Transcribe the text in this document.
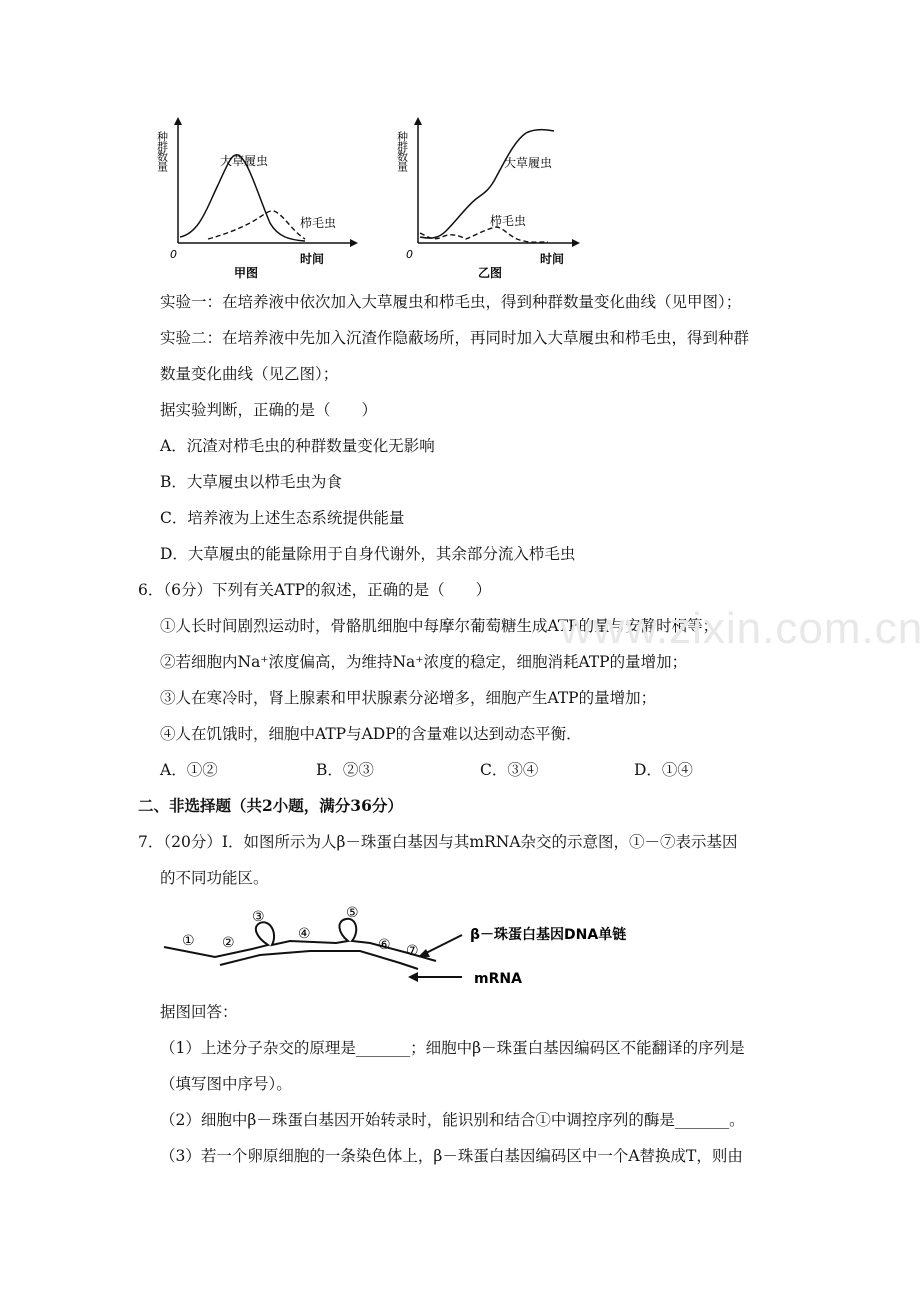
种群数量
0	时间
甲图
大草履虫
栉毛虫
种群数量
0	时间
乙图
大草履虫
栉毛虫
实验一：在培养液中依次加入大草履虫和栉毛虫，得到种群数量变化曲线（见甲图）；
实验二：在培养液中先加入沉渣作隐蔽场所，再同时加入大草履虫和栉毛虫，得到种群
数量变化曲线（见乙图）；
据实验判断，正确的是（　　）
A．沉渣对栉毛虫的种群数量变化无影响
B．大草履虫以栉毛虫为食
C．培养液为上述生态系统提供能量
D．大草履虫的能量除用于自身代谢外，其余部分流入栉毛虫
6．（6分）下列有关ATP的叙述，正确的是（　　）
①人长时间剧烈运动时，骨骼肌细胞中每摩尔葡萄糖生成ATP的量与安静时相等；
②若细胞内Na⁺浓度偏高，为维持Na⁺浓度的稳定，细胞消耗ATP的量增加；
③人在寒冷时，肾上腺素和甲状腺素分泌增多，细胞产生ATP的量增加；
④人在饥饿时，细胞中ATP与ADP的含量难以达到动态平衡．
A．①②	B．②③	C．③④	D．①④
二、非选择题（共2小题，满分36分）
7．（20分）Ⅰ．如图所示为人β－珠蛋白基因与其mRNA杂交的示意图，①－⑦表示基因
的不同功能区。
① ②
③
④
⑤
⑥ ⑦
β－珠蛋白基因DNA单链
mRNA
据图回答：
（1）上述分子杂交的原理是_______；细胞中β－珠蛋白基因编码区不能翻译的序列是
（填写图中序号）。
（2）细胞中β－珠蛋白基因开始转录时，能识别和结合①中调控序列的酶是_______。
（3）若一个卵原细胞的一条染色体上，β－珠蛋白基因编码区中一个A替换成T，则由
www.zixin.com.cn
